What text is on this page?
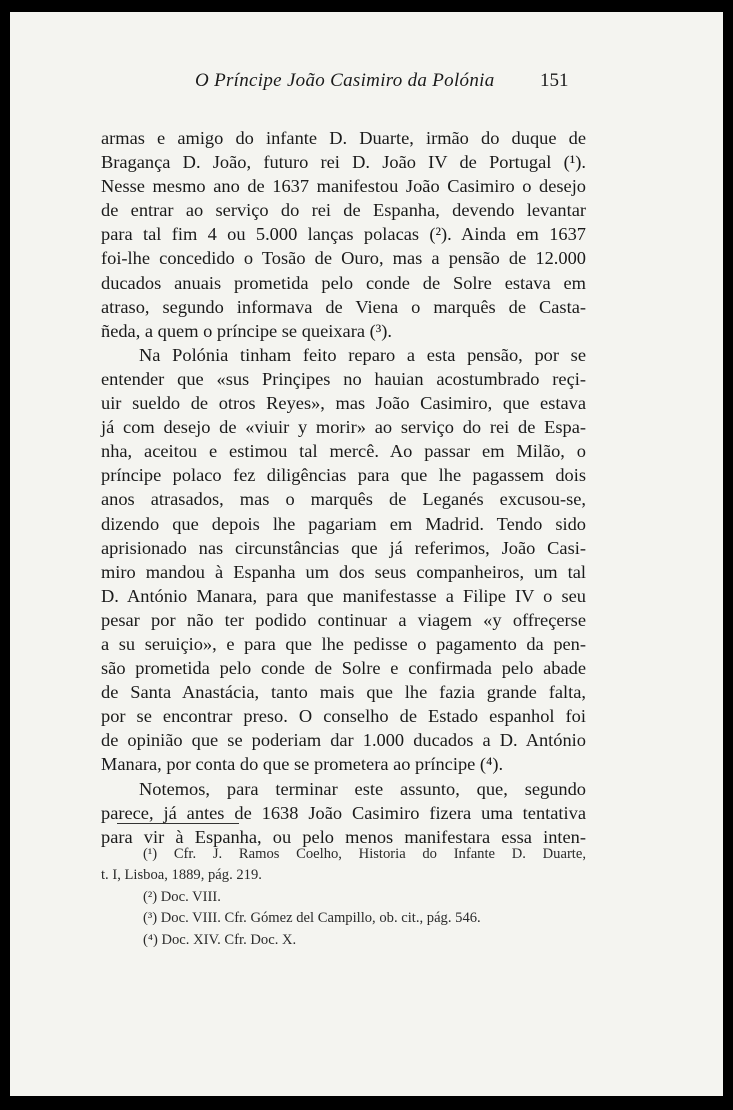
O Príncipe João Casimiro da Polónia 151

armas e amigo do infante D. Duarte, irmão do duque de
Bragança D. João, futuro rei D. João IV de Portugal (¹).
Nesse mesmo ano de 1637 manifestou João Casimiro o desejo
de entrar ao serviço do rei de Espanha, devendo levantar
para tal fim 4 ou 5.000 lanças polacas (²). Ainda em 1637
foi-lhe concedido o Tosão de Ouro, mas a pensão de 12.000
ducados anuais prometida pelo conde de Solre estava em
atraso, segundo informava de Viena o marquês de Casta-
ñeda, a quem o príncipe se queixara (³).

Na Polónia tinham feito reparo a esta pensão, por se
entender que «sus Prinçipes no hauian acostumbrado reçi-
uir sueldo de otros Reyes», mas João Casimiro, que estava
já com desejo de «viuir y morir» ao serviço do rei de Espa-
nha, aceitou e estimou tal mercê. Ao passar em Milão, o
príncipe polaco fez diligências para que lhe pagassem dois
anos atrasados, mas o marquês de Leganés excusou-se,
dizendo que depois lhe pagariam em Madrid. Tendo sido
aprisionado nas circunstâncias que já referimos, João Casi-
miro mandou à Espanha um dos seus companheiros, um tal
D. António Manara, para que manifestasse a Filipe IV o seu
pesar por não ter podido continuar a viagem «y offreçerse
a su seruiçio», e para que lhe pedisse o pagamento da pen-
são prometida pelo conde de Solre e confirmada pelo abade
de Santa Anastácia, tanto mais que lhe fazia grande falta,
por se encontrar preso. O conselho de Estado espanhol foi
de opinião que se poderiam dar 1.000 ducados a D. António
Manara, por conta do que se prometera ao príncipe (⁴).

Notemos, para terminar este assunto, que, segundo
parece, já antes de 1638 João Casimiro fizera uma tentativa
para vir à Espanha, ou pelo menos manifestara essa inten-

(¹) Cfr. J. Ramos Coelho, Historia do Infante D. Duarte,
t. I, Lisboa, 1889, pág. 219.
(²) Doc. VIII.
(³) Doc. VIII. Cfr. Gómez del Campillo, ob. cit., pág. 546.
(⁴) Doc. XIV. Cfr. Doc. X.
